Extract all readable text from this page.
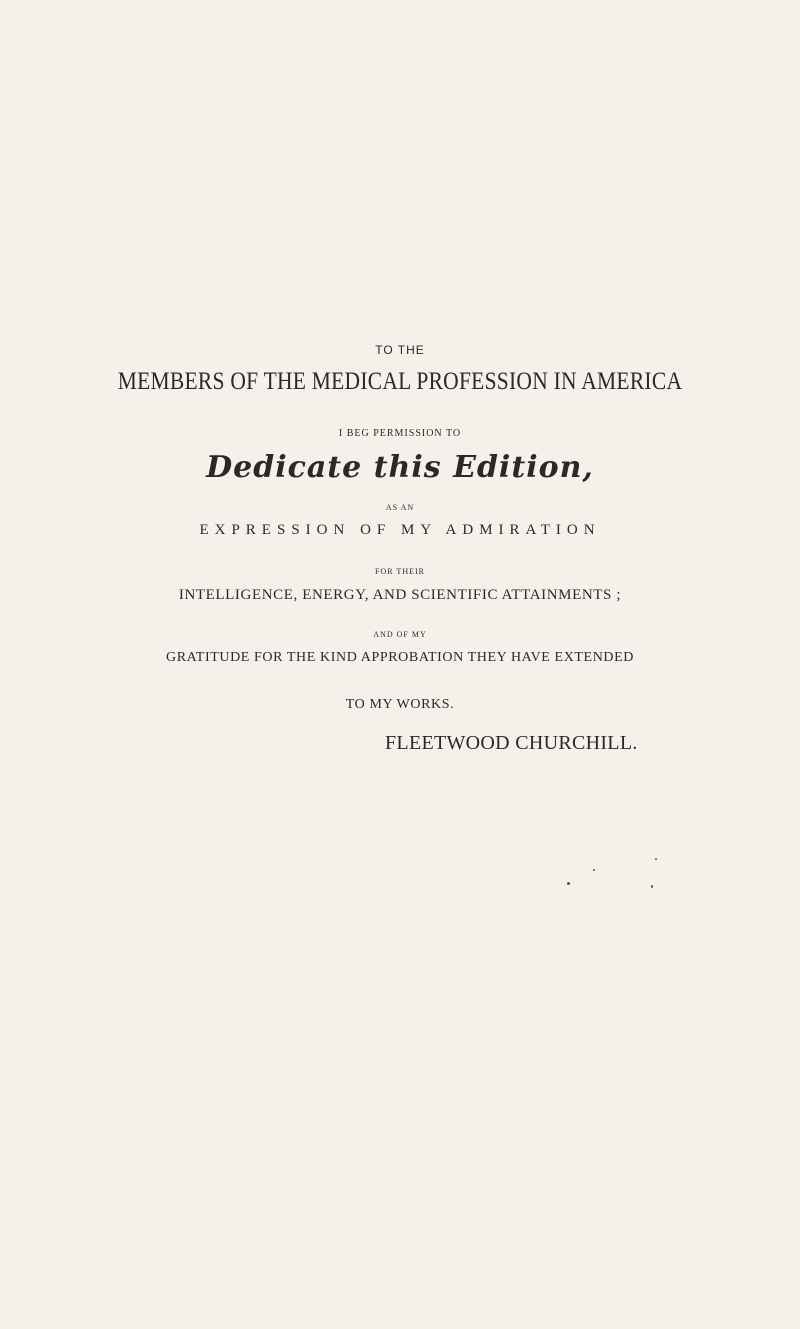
TO THE
MEMBERS OF THE MEDICAL PROFESSION IN AMERICA
I BEG PERMISSION TO
Dedicate this Edition,
AS AN
EXPRESSION OF MY ADMIRATION
FOR THEIR
INTELLIGENCE, ENERGY, AND SCIENTIFIC ATTAINMENTS ;
AND OF MY
GRATITUDE FOR THE KIND APPROBATION THEY HAVE EXTENDED
TO MY WORKS.
FLEETWOOD CHURCHILL.
